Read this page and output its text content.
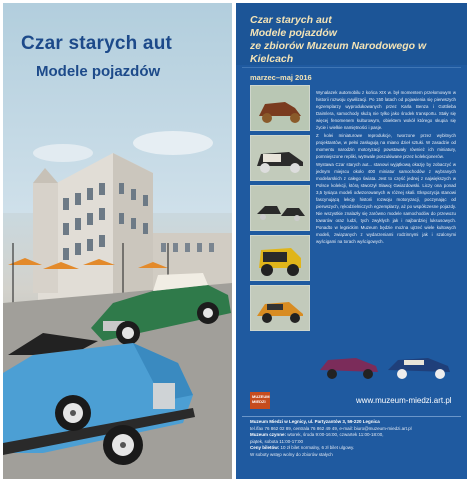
Czar starych aut
Modele pojazdów
Czar starych aut
Modele pojazdów
ze zbiorów Muzeum Narodowego w Kielcach
marzec–maj 2016

Wynalazek automobilu z końca XIX w. był momentem przełomowym w historii rozwoju cywilizacji. Po 150 latach od pojawienia się pierwszych egzemplarzy wyprodukowanych przez Karla Benza i Gottlieba Daimlera, samochody służą nie tylko jako środek transportu. Stały się więcej fenomenem kulturowym, obiektem wokół którego skupia się życie i wielkie namiętności i pasje.

Z kolei miniaturowe reprodukcje, tworzone przez wybitnych projektantów, w pełni zasługują na miano dzieł sztuki. W zasadzie od momentu narodzin motoryzacji powstawały również ich miniatury, pomniejszone repliki, wytrwale poszukiwane przez kolekcjonerów.

Wystawa Czar starych aut... stanowi wyjątkową okazję by zobaczyć w jednym miejscu około 400 miniatur samochodów z wybranych modelarskich z całego świata. Jest to część jednej z największych w Polsce kolekcji, którą stworzył Sławoj Gwiazdowski. Liczy ona ponad 3,5 tysiąca modeli odwzorowanych w różnej skali. Ekspozycja stanowi fascynującą lekcję historii rozwoju motoryzacji, poczynając od pierwszych, rękodzielniczych egzemplarzy, aż po współczesne pojazdy. Nie wszystkie znalazły się zarówno modele samochodów do przewozu towarów oraz ludzi, tych zwykłych jak i najbardziej luksusowych. Ponadto w legnickim Muzeum będzie można ujrzeć wiele kultowych modeli, związanych z wydarzeniami rodzinnymi jak i szalonymi wyścigami na torach wyścigowych.

MUZEUM
MIEDZI	www.muzeum-miedzi.art.pl
Muzeum Miedzi w Legnicy, ul. Partyzantów 3, 59-220 Legnica
tel./fax 76 862 02 89, centrala 76 862 49 49, e-mail: biuro@muzeum-miedzi.art.pl
Muzeum czynne: wtorek, środa 9:00-16:00, czwartek 11:00-18:00,
piątek, sobota 11:00-17:00
Ceny biletów: 10 zł bilet normalny, 6 zł bilet ulgowy.
W soboty wstęp wolny do zbiorów stałych
